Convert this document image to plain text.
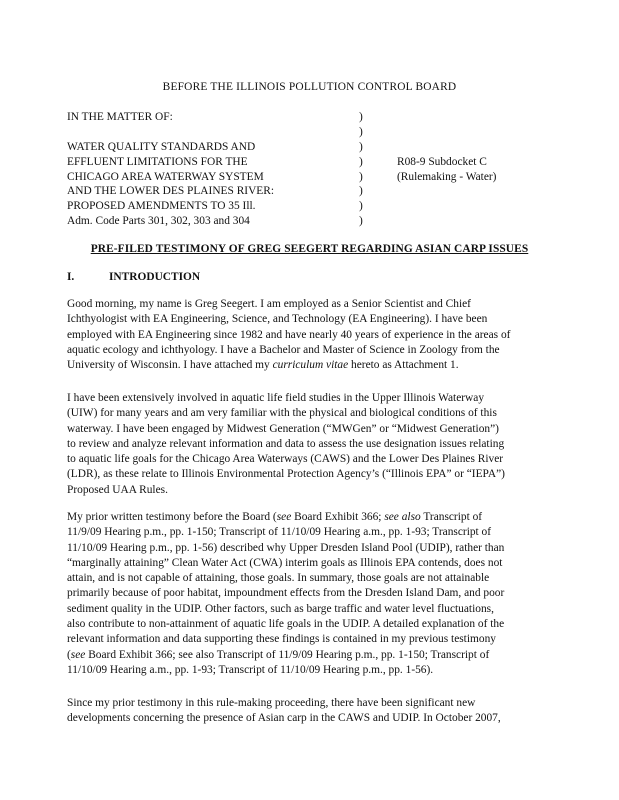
BEFORE THE ILLINOIS POLLUTION CONTROL BOARD
IN THE MATTER OF:	)
)
WATER QUALITY STANDARDS AND	)
EFFLUENT LIMITATIONS FOR THE	)	R08-9 Subdocket C
CHICAGO AREA WATERWAY SYSTEM	)	(Rulemaking - Water)
AND THE LOWER DES PLAINES RIVER:	)
PROPOSED AMENDMENTS TO 35 Ill.	)
Adm. Code Parts 301, 302, 303 and 304	)
PRE-FILED TESTIMONY OF GREG SEEGERT REGARDING ASIAN CARP ISSUES
I.	INTRODUCTION

Good morning, my name is Greg Seegert. I am employed as a Senior Scientist and Chief

Ichthyologist with EA Engineering, Science, and Technology (EA Engineering). I have been

employed with EA Engineering since 1982 and have nearly 40 years of experience in the areas of

aquatic ecology and ichthyology. I have a Bachelor and Master of Science in Zoology from the

University of Wisconsin. I have attached my curriculum vitae hereto as Attachment 1.

I have been extensively involved in aquatic life field studies in the Upper Illinois Waterway

(UIW) for many years and am very familiar with the physical and biological conditions of this

waterway. I have been engaged by Midwest Generation (“MWGen” or “Midwest Generation”)

to review and analyze relevant information and data to assess the use designation issues relating

to aquatic life goals for the Chicago Area Waterways (CAWS) and the Lower Des Plaines River

(LDR), as these relate to Illinois Environmental Protection Agency’s (“Illinois EPA” or “IEPA”)

Proposed UAA Rules.

My prior written testimony before the Board (see Board Exhibit 366; see also Transcript of

11/9/09 Hearing p.m., pp. 1-150; Transcript of 11/10/09 Hearing a.m., pp. 1-93; Transcript of

11/10/09 Hearing p.m., pp. 1-56) described why Upper Dresden Island Pool (UDIP), rather than

“marginally attaining” Clean Water Act (CWA) interim goals as Illinois EPA contends, does not

attain, and is not capable of attaining, those goals. In summary, those goals are not attainable

primarily because of poor habitat, impoundment effects from the Dresden Island Dam, and poor

sediment quality in the UDIP. Other factors, such as barge traffic and water level fluctuations,

also contribute to non-attainment of aquatic life goals in the UDIP. A detailed explanation of the

relevant information and data supporting these findings is contained in my previous testimony

(see Board Exhibit 366; see also Transcript of 11/9/09 Hearing p.m., pp. 1-150; Transcript of

11/10/09 Hearing a.m., pp. 1-93; Transcript of 11/10/09 Hearing p.m., pp. 1-56).

Since my prior testimony in this rule-making proceeding, there have been significant new

developments concerning the presence of Asian carp in the CAWS and UDIP. In October 2007,
